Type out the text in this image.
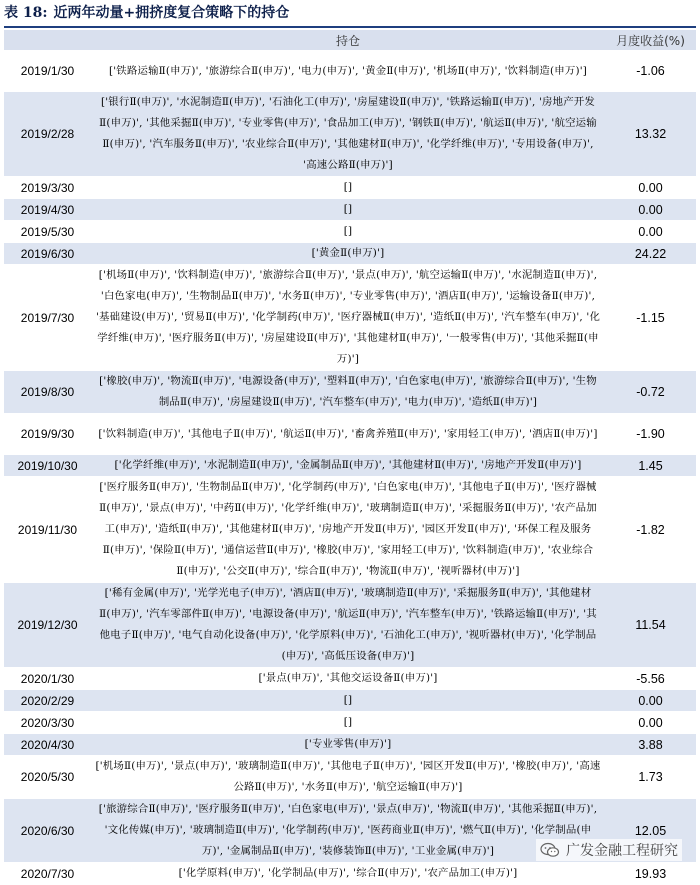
表 18: 近两年动量+拥挤度复合策略下的持仓
	持仓	月度收益(%)
2019/1/30	['铁路运输Ⅱ(申万)', '旅游综合Ⅱ(申万)', '电力(申万)', '黄金Ⅱ(申万)', '机场Ⅱ(申万)', '饮料制造(申万)']	-1.06
2019/2/28	['银行Ⅱ(申万)', '水泥制造Ⅱ(申万)', '石油化工(申万)', '房屋建设Ⅱ(申万)', '铁路运输Ⅱ(申万)', '房地产开发Ⅱ(申万)', '其他采掘Ⅱ(申万)', '专业零售(申万)', '食品加工(申万)', '钢铁Ⅱ(申万)', '航运Ⅱ(申万)', '航空运输Ⅱ(申万)', '汽车服务Ⅱ(申万)', '农业综合Ⅱ(申万)', '其他建材Ⅱ(申万)', '化学纤维(申万)', '专用设备(申万)', '高速公路Ⅱ(申万)']	13.32
2019/3/30	[]	0.00
2019/4/30	[]	0.00
2019/5/30	[]	0.00
2019/6/30	['黄金Ⅱ(申万)']	24.22
2019/7/30	['机场Ⅱ(申万)', '饮料制造(申万)', '旅游综合Ⅱ(申万)', '景点(申万)', '航空运输Ⅱ(申万)', '水泥制造Ⅱ(申万)', '白色家电(申万)', '生物制品Ⅱ(申万)', '水务Ⅱ(申万)', '专业零售(申万)', '酒店Ⅱ(申万)', '运输设备Ⅱ(申万)', '基础建设(申万)', '贸易Ⅱ(申万)', '化学制药(申万)', '医疗器械Ⅱ(申万)', '造纸Ⅱ(申万)', '汽车整车(申万)', '化学纤维(申万)', '医疗服务Ⅱ(申万)', '房屋建设Ⅱ(申万)', '其他建材Ⅱ(申万)', '一般零售(申万)', '其他采掘Ⅱ(申万)']	-1.15
2019/8/30	['橡胶(申万)', '物流Ⅱ(申万)', '电源设备(申万)', '塑料Ⅱ(申万)', '白色家电(申万)', '旅游综合Ⅱ(申万)', '生物制品Ⅱ(申万)', '房屋建设Ⅱ(申万)', '汽车整车(申万)', '电力(申万)', '造纸Ⅱ(申万)']	-0.72
2019/9/30	['饮料制造(申万)', '其他电子Ⅱ(申万)', '航运Ⅱ(申万)', '畜禽养殖Ⅱ(申万)', '家用轻工(申万)', '酒店Ⅱ(申万)']	-1.90
2019/10/30	['化学纤维(申万)', '水泥制造Ⅱ(申万)', '金属制品Ⅱ(申万)', '其他建材Ⅱ(申万)', '房地产开发Ⅱ(申万)']	1.45
2019/11/30	['医疗服务Ⅱ(申万)', '生物制品Ⅱ(申万)', '化学制药(申万)', '白色家电(申万)', '其他电子Ⅱ(申万)', '医疗器械Ⅱ(申万)', '景点(申万)', '中药Ⅱ(申万)', '化学纤维(申万)', '玻璃制造Ⅱ(申万)', '采掘服务Ⅱ(申万)', '农产品加工(申万)', '造纸Ⅱ(申万)', '其他建材Ⅱ(申万)', '房地产开发Ⅱ(申万)', '园区开发Ⅱ(申万)', '环保工程及服务Ⅱ(申万)', '保险Ⅱ(申万)', '通信运营Ⅱ(申万)', '橡胶(申万)', '家用轻工(申万)', '饮料制造(申万)', '农业综合Ⅱ(申万)', '公交Ⅱ(申万)', '综合Ⅱ(申万)', '物流Ⅱ(申万)', '视听器材(申万)']	-1.82
2019/12/30	['稀有金属(申万)', '光学光电子(申万)', '酒店Ⅱ(申万)', '玻璃制造Ⅱ(申万)', '采掘服务Ⅱ(申万)', '其他建材Ⅱ(申万)', '汽车零部件Ⅱ(申万)', '电源设备(申万)', '航运Ⅱ(申万)', '汽车整车(申万)', '铁路运输Ⅱ(申万)', '其他电子Ⅱ(申万)', '电气自动化设备(申万)', '化学原料(申万)', '石油化工(申万)', '视听器材(申万)', '化学制品(申万)', '高低压设备(申万)']	11.54
2020/1/30	['景点(申万)', '其他交运设备Ⅱ(申万)']	-5.56
2020/2/29	[]	0.00
2020/3/30	[]	0.00
2020/4/30	['专业零售(申万)']	3.88
2020/5/30	['机场Ⅱ(申万)', '景点(申万)', '玻璃制造Ⅱ(申万)', '其他电子Ⅱ(申万)', '园区开发Ⅱ(申万)', '橡胶(申万)', '高速公路Ⅱ(申万)', '水务Ⅱ(申万)', '航空运输Ⅱ(申万)']	1.73
2020/6/30	['旅游综合Ⅱ(申万)', '医疗服务Ⅱ(申万)', '白色家电(申万)', '景点(申万)', '物流Ⅱ(申万)', '其他采掘Ⅱ(申万)', '文化传媒(申万)', '玻璃制造Ⅱ(申万)', '化学制药(申万)', '医药商业Ⅱ(申万)', '燃气Ⅱ(申万)', '化学制品(申万)', '金属制品Ⅱ(申万)', '装修装饰Ⅱ(申万)', '工业金属(申万)']	12.05
2020/7/30	['化学原料(申万)', '化学制品(申万)', '综合Ⅱ(申万)', '农产品加工(申万)']	19.93
广发金融工程研究
